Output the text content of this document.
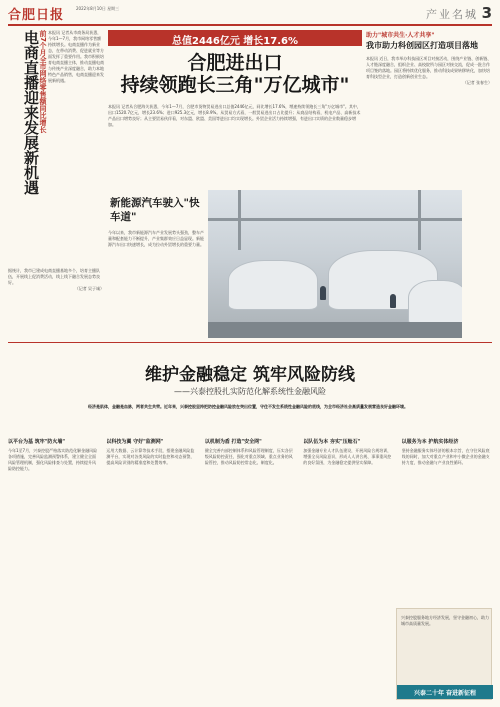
合肥日报	2022年8月10日 星期三	产业名城 3
电商直播迎来发展新机遇 前7个月全市网络零售额同比增长 本报讯 记者从市商务局获悉，今年1—7月，我市网络零售额持续增长。电商直播作为新业态，在带动消费、促进就业等方面发挥了重要作用。我市积极培育电商直播主体，推动直播电商与传统产业深度融合，助力本地特色产品销售，电商直播迎来发展新机遇。
据统计，我市已建成电商直播基地多个，培育主播队伍，开展线上促消费活动，线上线下融合发展态势良好。
（记者 吴子诚）
总值2446亿元 增长17.6%
合肥进出口
持续领跑长三角"万亿城市"
本报讯 记者从合肥海关获悉，今年1—7月，合肥市货物贸易进出口总值2446亿元，同比增长17.6%，增速持续领跑长三角"万亿城市"。其中，出口1520.7亿元，增长23.6%；进口925.3亿元，增长8.9%。从贸易方式看，一般贸易进出口占比提升；从商品结构看，机电产品、高新技术产品出口增势良好；从主要贸易伙伴看，对东盟、欧盟、美国等进出口均实现增长。外贸企业活力持续增强，有进出口实绩的企业数量稳步增加。
新能源汽车驶入"快车道"
今年以来，我市新能源汽车产业发展势头强劲，整车产量和配套能力不断提升，产业集群效应日益显现。新能源汽车出口快速增长，成为拉动外贸增长的重要力量。
助力"城市共生·人才共享"
我市助力科创园区打造项目落地
本报讯 近日，我市举办科技园区项目对接活动，围绕产业链、创新链、人才链深度融合，组织企业、高校院所与园区对接交流，促成一批合作项目签约落地。园区将持续优化服务，推动科技成果转移转化，加快培育科技型企业，打造创新创业生态。
（记者 张春生）
维护金融稳定 筑牢风险防线
——兴泰控股扎实防范化解系统性金融风险
经济是肌体，金融是血脉，两者共生共荣。近年来，兴泰控股坚持把防控金融风险放在突出位置，守住不发生系统性金融风险的底线，为全市经济社会高质量发展营造良好金融环境。
以平台为基 筑牢"防火墙"
今年1至7月，兴泰控股严格落实防范化解金融风险各项措施，完善风险监测预警体系，建立健全全面风险管理机制，强化风险排查与处置，持续提升风险防控能力。
以科技为翼 守好"监测网"
运用大数据、云计算等技术手段，搭建金融风险监测平台，实现对各类风险的实时监控和动态预警，提高风险识别的精准度和处置效率。
以机制为盾 打造"安全网"
健全完善内部控制体系和风险管理制度，压实各层级风险防控责任，强化对重点领域、重点业务的风险管控，推动风险防控常态化、制度化。
以队伍为本 夯实"压舱石"
加强金融专业人才队伍建设，开展风险合规培训，增强全员风险意识，形成人人讲合规、事事重风控的良好氛围，为金融稳定提供坚实保障。
以服务为本 护航实体经济
坚持金融服务实体经济的根本宗旨，在守住风险底线的同时，加大对重点产业和中小微企业的金融支持力度，推动金融与产业良性循环。
兴泰控股服务地方经济发展，坚守金融初心，助力城市高质量发展。
兴泰二十年 奋进新征程
